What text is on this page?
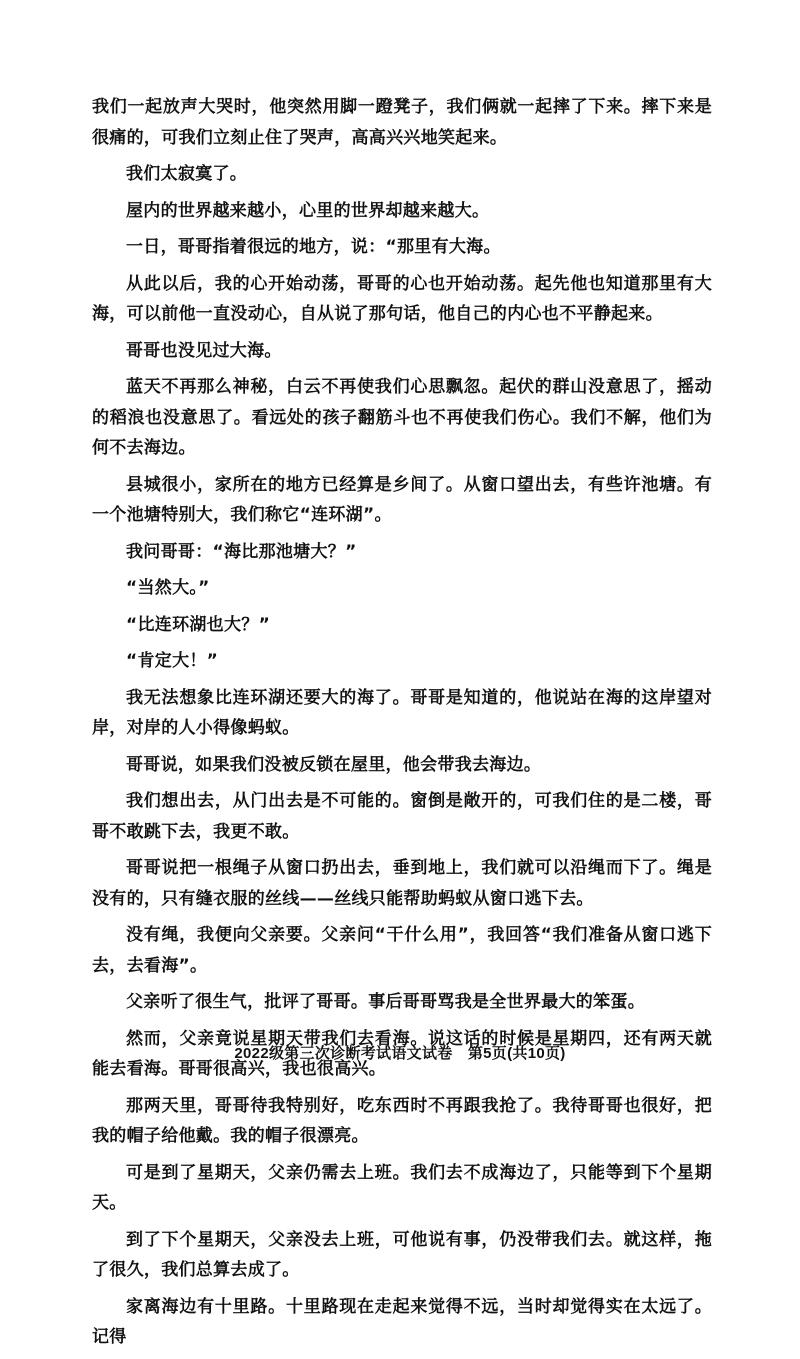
我们一起放声大哭时，他突然用脚一蹬凳子，我们俩就一起摔了下来。摔下来是很痛的，可我们立刻止住了哭声，高高兴兴地笑起来。

我们太寂寞了。

屋内的世界越来越小，心里的世界却越来越大。

一日，哥哥指着很远的地方，说：“那里有大海。

从此以后，我的心开始动荡，哥哥的心也开始动荡。起先他也知道那里有大海，可以前他一直没动心，自从说了那句话，他自己的内心也不平静起来。

哥哥也没见过大海。

蓝天不再那么神秘，白云不再使我们心思飘忽。起伏的群山没意思了，摇动的稻浪也没意思了。看远处的孩子翻筋斗也不再使我们伤心。我们不解，他们为何不去海边。

县城很小，家所在的地方已经算是乡间了。从窗口望出去，有些许池塘。有一个池塘特别大，我们称它“连环湖”。

我问哥哥：“海比那池塘大？”

“当然大。”

“比连环湖也大？”

“肯定大！”

我无法想象比连环湖还要大的海了。哥哥是知道的，他说站在海的这岸望对岸，对岸的人小得像蚂蚁。

哥哥说，如果我们没被反锁在屋里，他会带我去海边。

我们想出去，从门出去是不可能的。窗倒是敞开的，可我们住的是二楼，哥哥不敢跳下去，我更不敢。

哥哥说把一根绳子从窗口扔出去，垂到地上，我们就可以沿绳而下了。绳是没有的，只有缝衣服的丝线——丝线只能帮助蚂蚁从窗口逃下去。

没有绳，我便向父亲要。父亲问“干什么用”，我回答“我们准备从窗口逃下去，去看海”。

父亲听了很生气，批评了哥哥。事后哥哥骂我是全世界最大的笨蛋。

然而，父亲竟说星期天带我们去看海。说这话的时候是星期四，还有两天就能去看海。哥哥很高兴，我也很高兴。

那两天里，哥哥待我特别好，吃东西时不再跟我抢了。我待哥哥也很好，把我的帽子给他戴。我的帽子很漂亮。

可是到了星期天，父亲仍需去上班。我们去不成海边了，只能等到下个星期天。

到了下个星期天，父亲没去上班，可他说有事，仍没带我们去。就这样，拖了很久，我们总算去成了。

家离海边有十里路。十里路现在走起来觉得不远，当时却觉得实在太远了。记得

2022级第三次诊断考试语文试卷　第5页(共10页)
